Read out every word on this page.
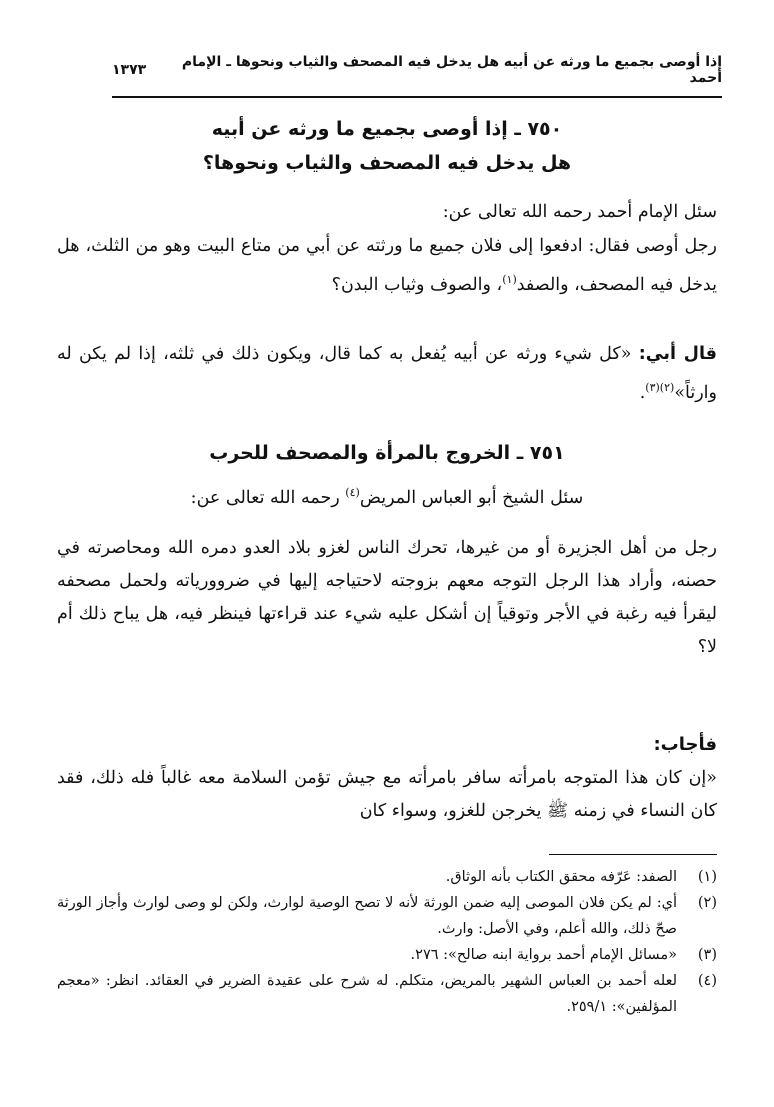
إذا أوصى بجميع ما ورثه عن أبيه هل يدخل فيه المصحف والثياب ونحوها ـ الإمام أحمد
١٣٧٣
٧٥٠ ـ إذا أوصى بجميع ما ورثه عن أبيه
هل يدخل فيه المصحف والثياب ونحوها؟
سئل الإمام أحمد رحمه الله تعالى عن:
رجل أوصى فقال: ادفعوا إلى فلان جميع ما ورثته عن أبي من متاع البيت وهو من الثلث، هل يدخل فيه المصحف، والصفد$^{(١)}$، والصوف وثياب البدن؟
قال أبي: «كل شيء ورثه عن أبيه يُفعل به كما قال، ويكون ذلك في ثلثه، إذا لم يكن له وارثاً»$^{(٢)(٣)}$.
٧٥١ ـ الخروج بالمرأة والمصحف للحرب
سئل الشيخ أبو العباس المريض$^{(٤)}$ رحمه الله تعالى عن:
رجل من أهل الجزيرة أو من غيرها، تحرك الناس لغزو بلاد العدو دمره الله ومحاصرته في حصنه، وأراد هذا الرجل التوجه معهم بزوجته لاحتياجه إليها في ضروورياته ولحمل مصحفه ليقرأ فيه رغبة في الأجر وتوقياً إن أشكل عليه شيء عند قراءتها فينظر فيه، هل يباح ذلك أم لا؟
فأجاب:
«إن كان هذا المتوجه بامرأته سافر بامرأته مع جيش تؤمن السلامة معه غالباً فله ذلك، فقد كان النساء في زمنه ﷺ يخرجن للغزو، وسواء كان
(١)
الصفد: عَرّفه محقق الكتاب بأنه الوثاق.
(٢)
أي: لم يكن فلان الموصى إليه ضمن الورثة لأنه لا تصح الوصية لوارث، ولكن لو وصى لوارث وأجاز الورثة صحّ ذلك، والله أعلم، وفي الأصل: وارث.
(٣)
«مسائل الإمام أحمد برواية ابنه صالح»: ٢٧٦.
(٤)
لعله أحمد بن العباس الشهير بالمريض، متكلم. له شرح على عقيدة الضرير في العقائد. انظر: «معجم المؤلفين»: ٢٥٩/١.
